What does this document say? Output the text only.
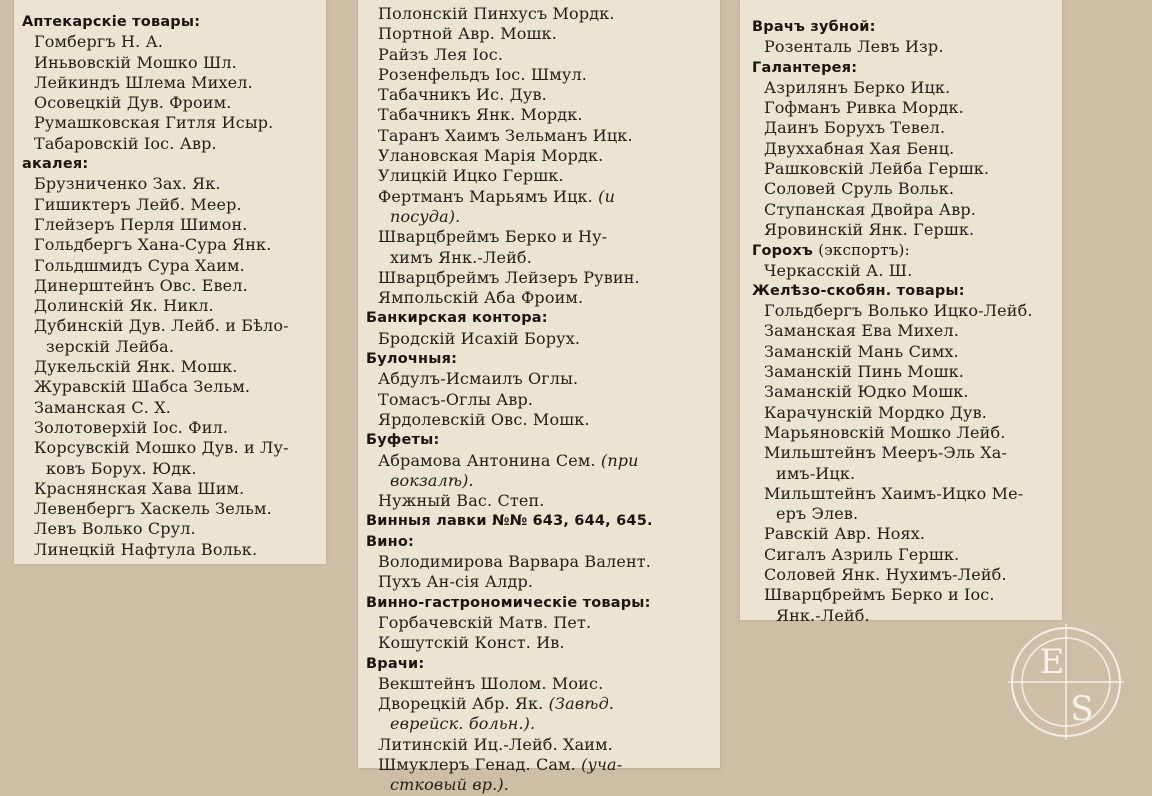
Аптекарскіе товары:
Гомбергъ Н. А.
Иньвовскій Мошко Шл.
Лейкиндъ Шлема Михел.
Осовецкій Дув. Фроим.
Румашковская Гитля Исыр.
Табаровскій Іос. Авр.
акалея:
Брузниченко Зах. Як.
Гишиктеръ Лейб. Меер.
Глейзеръ Перля Шимон.
Гольдбергъ Хана-Сура Янк.
Гольдшмидъ Сура Хаим.
Динерштейнъ Овс. Евел.
Долинскій Як. Никл.
Дубинскій Дув. Лейб. и Бѣло-
зерскій Лейба.
Дукельскій Янк. Мошк.
Журавскій Шабса Зельм.
Заманская С. Х.
Золотоверхій Іос. Фил.
Корсувскій Мошко Дув. и Лу-
ковъ Борух. Юдк.
Краснянская Хава Шим.
Левенбергъ Хаскель Зельм.
Левъ Волько Срул.
Линецкій Нафтула Вольк.
Полонскій Пинхусъ Мордк.
Портной Авр. Мошк.
Райзъ Лея Іос.
Розенфельдъ Іос. Шмул.
Табачникъ Ис. Дув.
Табачникъ Янк. Мордк.
Таранъ Хаимъ Зельманъ Ицк.
Улановская Марія Мордк.
Улицкій Ицко Гершк.
Фертманъ Марьямъ Ицк. (и
посуда).
Шварцбреймъ Берко и Ну-
химъ Янк.-Лейб.
Шварцбреймъ Лейзеръ Рувин.
Ямпольскій Аба Фроим.
Банкирская контора:
Бродскій Исахій Борух.
Булочныя:
Абдулъ-Исмаилъ Оглы.
Томасъ-Оглы Авр.
Ярдолевскій Овс. Мошк.
Буфеты:
Абрамова Антонина Сем. (при
вокзалѣ).
Нужный Вас. Степ.
Винныя лавки №№ 643, 644, 645.
Вино:
Володимирова Варвара Валент.
Пухъ Ан-сія Алдр.
Винно-гастрономическіе товары:
Горбачевскій Матв. Пет.
Кошутскій Конст. Ив.
Врачи:
Векштейнъ Шолом. Моис.
Дворецкій Абр. Як. (Завѣд.
еврейск. больн.).
Литинскій Иц.-Лейб. Хаим.
Шмуклеръ Генад. Сам. (уча-
стковый вр.).
Врачъ зубной:
Розенталь Левъ Изр.
Галантерея:
Азрилянъ Берко Ицк.
Гофманъ Ривка Мордк.
Даинъ Борухъ Тевел.
Двуххабная Хая Бенц.
Рашковскій Лейба Гершк.
Соловей Сруль Вольк.
Ступанская Двойра Авр.
Яровинскій Янк. Гершк.
Горохъ (экспортъ):
Черкасскій А. Ш.
Желѣзо-скобян. товары:
Гольдбергъ Волько Ицко-Лейб.
Заманская Ева Михел.
Заманскій Мань Симх.
Заманскій Пинь Мошк.
Заманскій Юдко Мошк.
Карачунскій Мордко Дув.
Марьяновскій Мошко Лейб.
Мильштейнъ Мееръ-Эль Ха-
имъ-Ицк.
Мильштейнъ Хаимъ-Ицко Ме-
еръ Элев.
Равскій Авр. Ноях.
Сигалъ Азриль Гершк.
Соловей Янк. Нухимъ-Лейб.
Шварцбреймъ Берко и Іос.
Янк.-Лейб.
E
S
